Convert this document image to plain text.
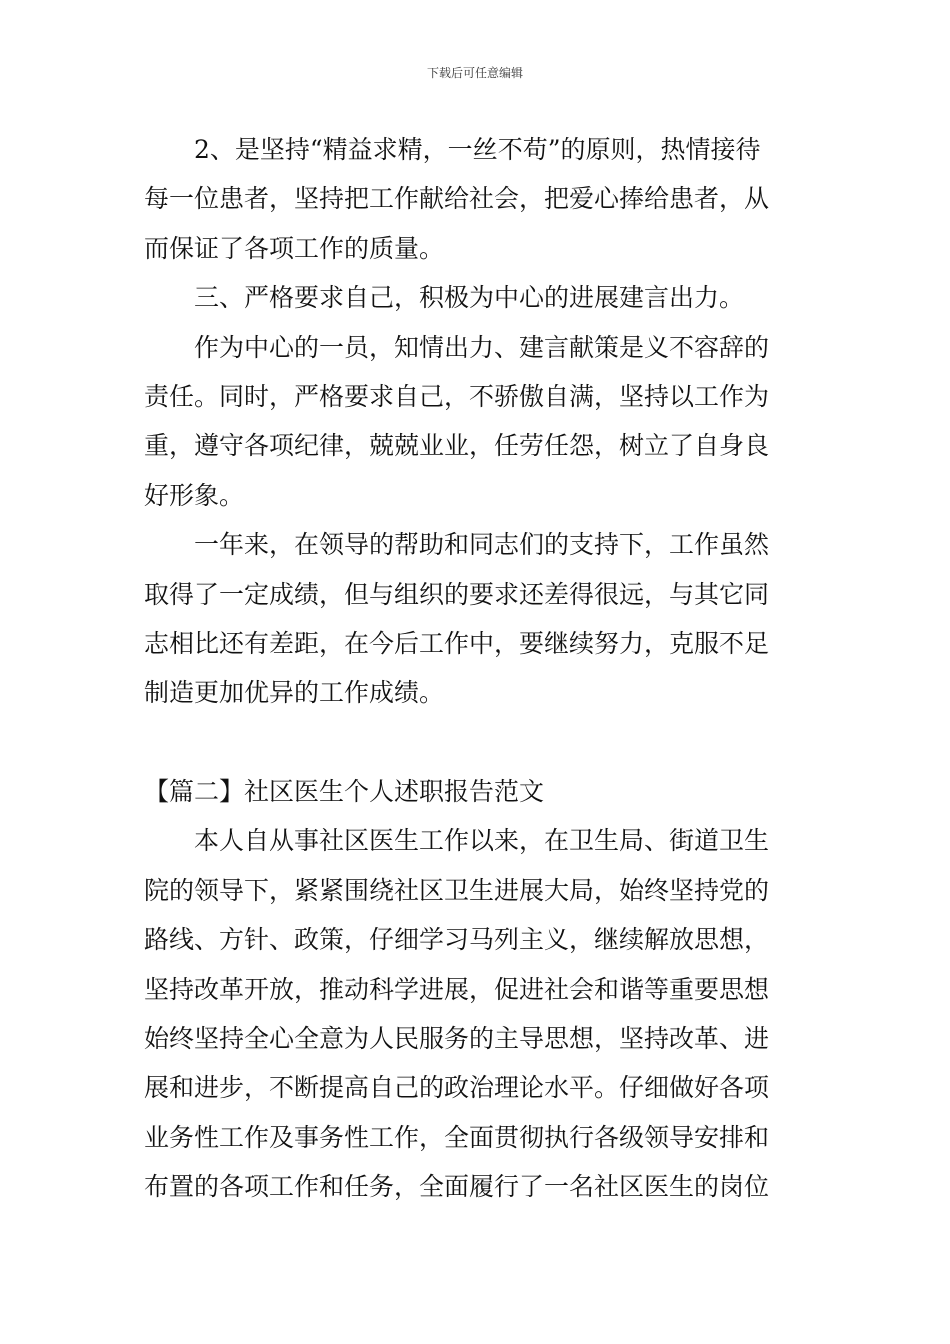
下载后可任意编辑
2、是坚持“精益求精，一丝不苟”的原则，热情接待
每一位患者，坚持把工作献给社会，把爱心捧给患者，从
而保证了各项工作的质量。
三、严格要求自己，积极为中心的进展建言出力。
作为中心的一员，知情出力、建言献策是义不容辞的
责任。同时，严格要求自己，不骄傲自满，坚持以工作为
重，遵守各项纪律，兢兢业业，任劳任怨，树立了自身良
好形象。
一年来，在领导的帮助和同志们的支持下，工作虽然
取得了一定成绩，但与组织的要求还差得很远，与其它同
志相比还有差距，在今后工作中，要继续努力，克服不足
制造更加优异的工作成绩。
【篇二】社区医生个人述职报告范文
本人自从事社区医生工作以来，在卫生局、街道卫生
院的领导下，紧紧围绕社区卫生进展大局，始终坚持党的
路线、方针、政策，仔细学习马列主义，继续解放思想，
坚持改革开放，推动科学进展，促进社会和谐等重要思想
始终坚持全心全意为人民服务的主导思想，坚持改革、进
展和进步，不断提高自己的政治理论水平。仔细做好各项
业务性工作及事务性工作，全面贯彻执行各级领导安排和
布置的各项工作和任务，全面履行了一名社区医生的岗位
